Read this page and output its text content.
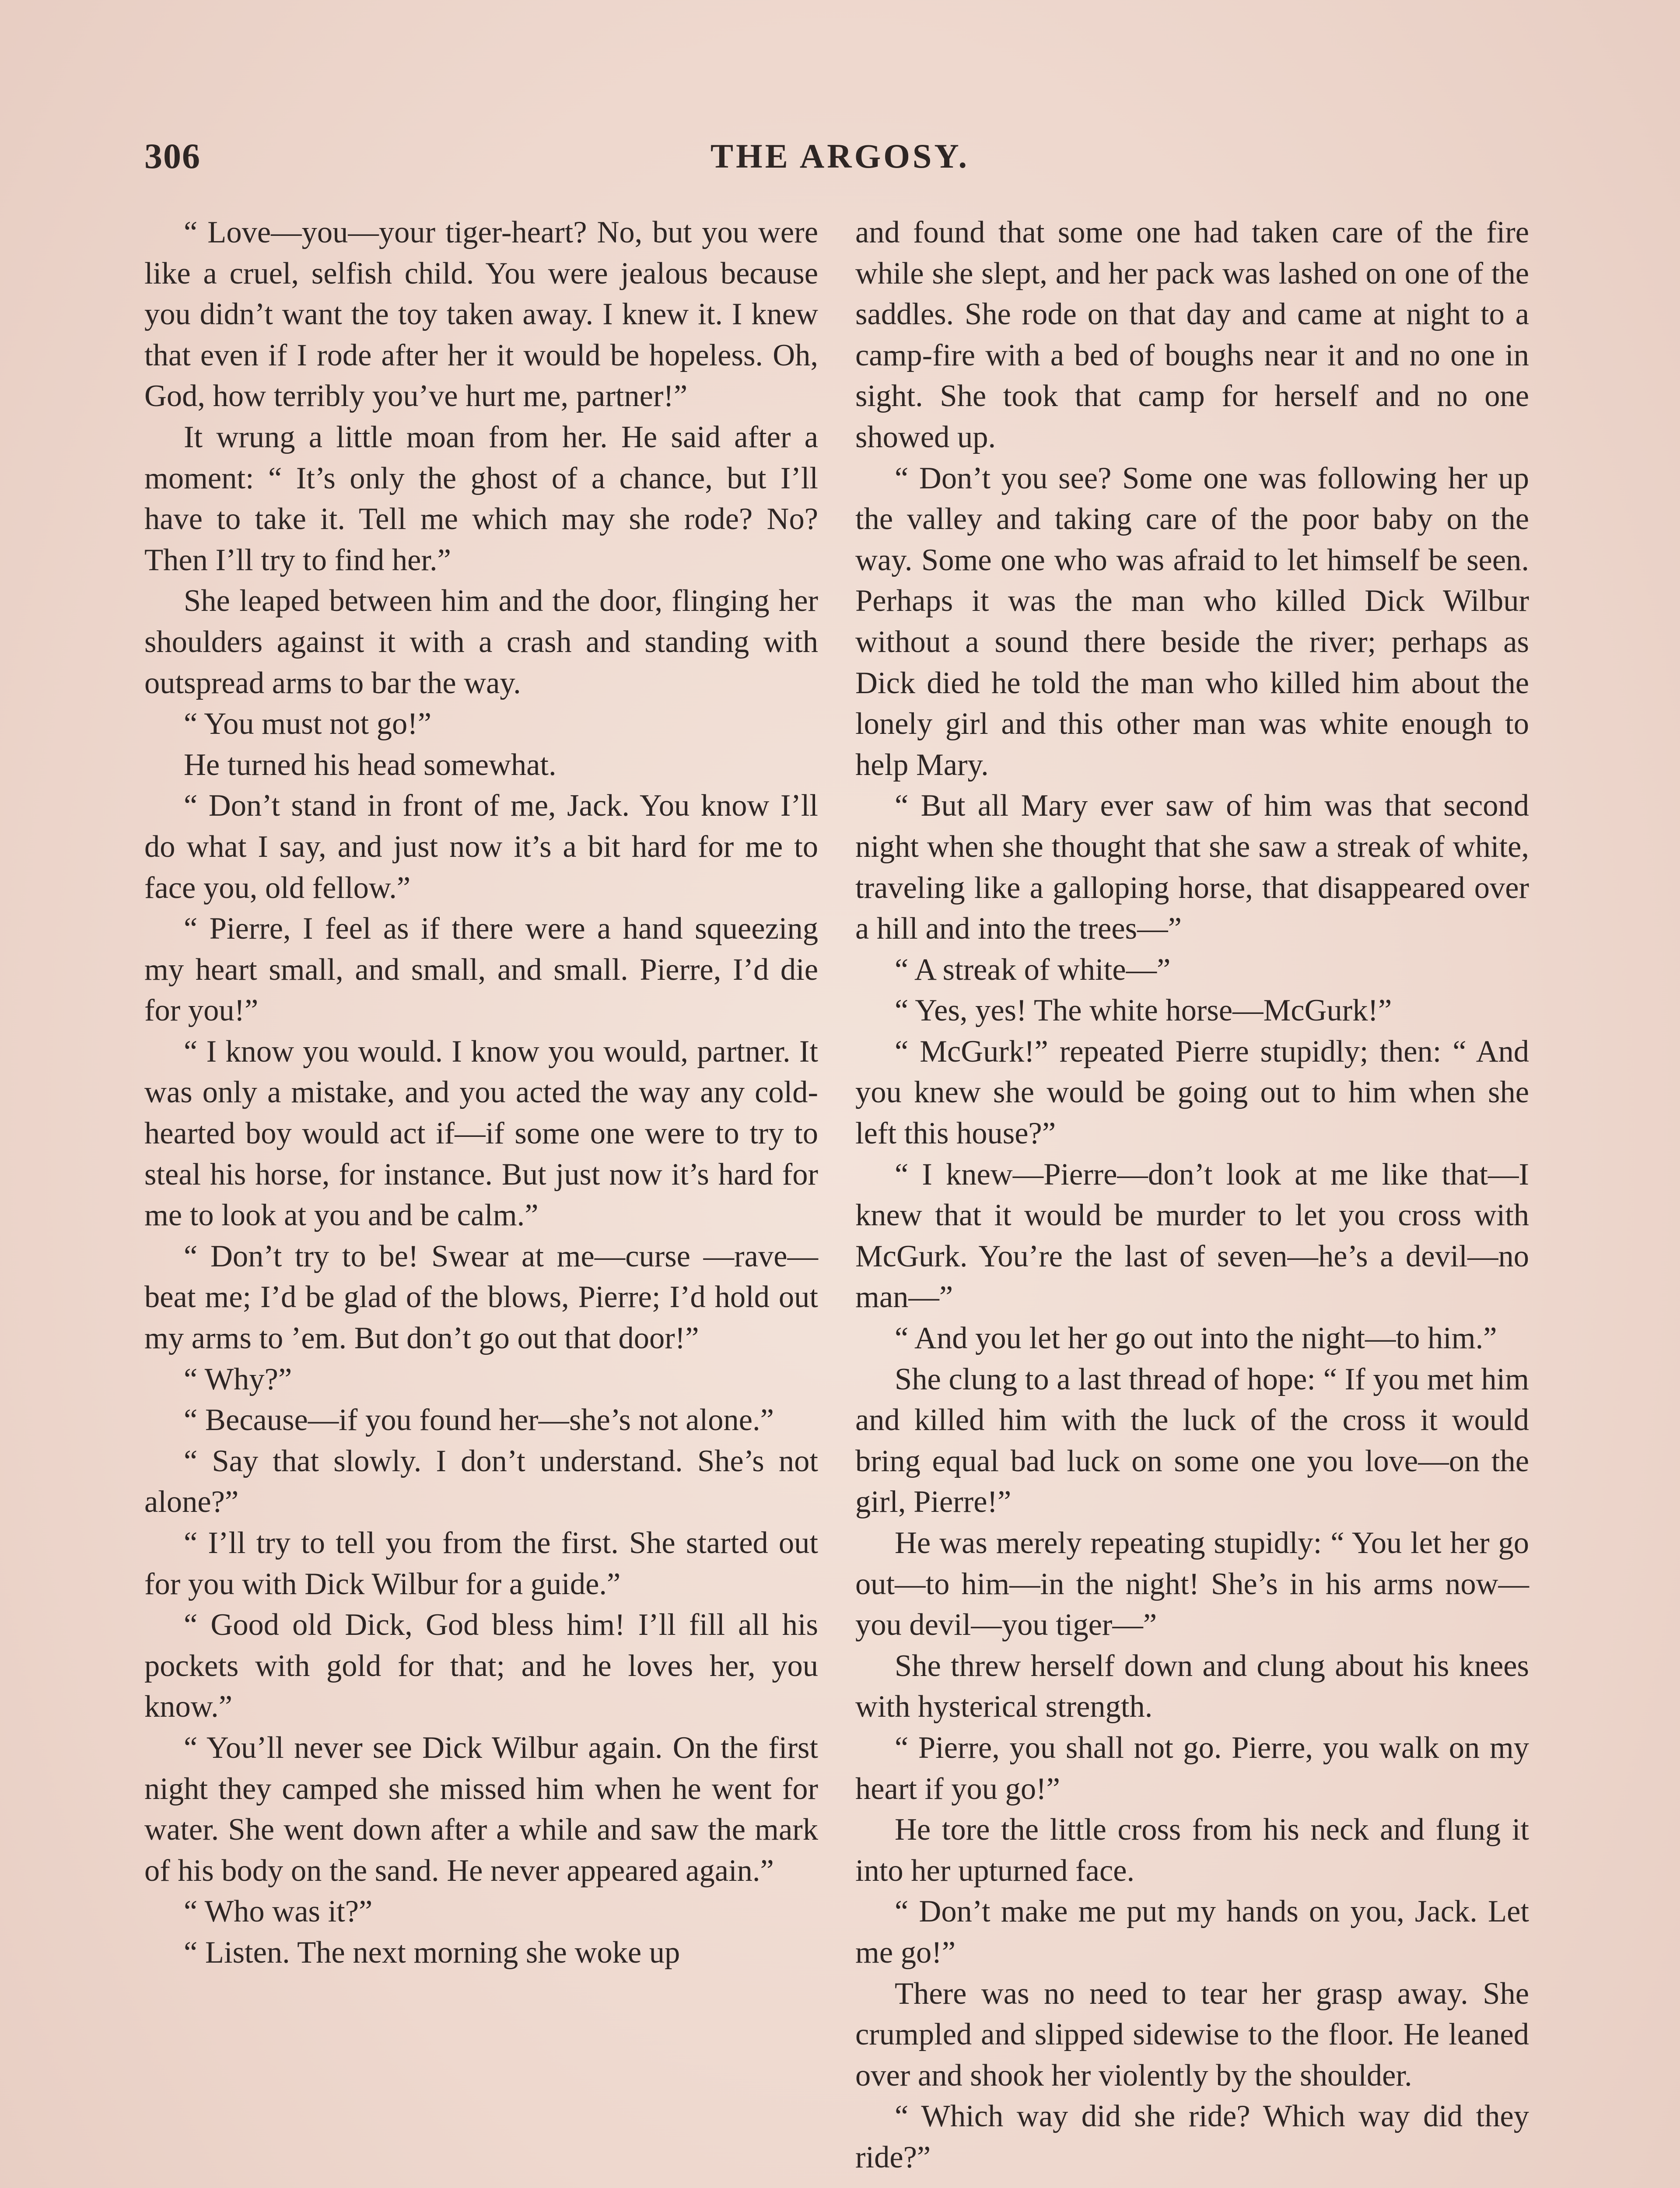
306	THE ARGOSY.

“ Love—you—your tiger-heart? No, but you were like a cruel, selfish child. You were jealous because you didn’t want the toy taken away. I knew it. I knew that even if I rode after her it would be hopeless. Oh, God, how terribly you’ve hurt me, partner!”

It wrung a little moan from her. He said after a moment: “ It’s only the ghost of a chance, but I’ll have to take it. Tell me which may she rode? No? Then I’ll try to find her.”

She leaped between him and the door, flinging her shoulders against it with a crash and standing with outspread arms to bar the way.

“ You must not go!”

He turned his head somewhat.

“ Don’t stand in front of me, Jack. You know I’ll do what I say, and just now it’s a bit hard for me to face you, old fellow.”

“ Pierre, I feel as if there were a hand squeezing my heart small, and small, and small. Pierre, I’d die for you!”

“ I know you would. I know you would, partner. It was only a mistake, and you acted the way any cold-hearted boy would act if—if some one were to try to steal his horse, for instance. But just now it’s hard for me to look at you and be calm.”

“ Don’t try to be! Swear at me—curse —rave—beat me; I’d be glad of the blows, Pierre; I’d hold out my arms to ’em. But don’t go out that door!”

“ Why?”

“ Because—if you found her—she’s not alone.”

“ Say that slowly. I don’t understand. She’s not alone?”

“ I’ll try to tell you from the first. She started out for you with Dick Wilbur for a guide.”

“ Good old Dick, God bless him! I’ll fill all his pockets with gold for that; and he loves her, you know.”

“ You’ll never see Dick Wilbur again. On the first night they camped she missed him when he went for water. She went down after a while and saw the mark of his body on the sand. He never appeared again.”

“ Who was it?”

“ Listen. The next morning she woke up

and found that some one had taken care of the fire while she slept, and her pack was lashed on one of the saddles. She rode on that day and came at night to a camp-fire with a bed of boughs near it and no one in sight. She took that camp for herself and no one showed up.

“ Don’t you see? Some one was following her up the valley and taking care of the poor baby on the way. Some one who was afraid to let himself be seen. Perhaps it was the man who killed Dick Wilbur without a sound there beside the river; perhaps as Dick died he told the man who killed him about the lonely girl and this other man was white enough to help Mary.

“ But all Mary ever saw of him was that second night when she thought that she saw a streak of white, traveling like a galloping horse, that disappeared over a hill and into the trees—”

“ A streak of white—”

“ Yes, yes! The white horse—McGurk!”

“ McGurk!” repeated Pierre stupidly; then: “ And you knew she would be going out to him when she left this house?”

“ I knew—Pierre—don’t look at me like that—I knew that it would be murder to let you cross with McGurk. You’re the last of seven—he’s a devil—no man—”

“ And you let her go out into the night—to him.”

She clung to a last thread of hope: “ If you met him and killed him with the luck of the cross it would bring equal bad luck on some one you love—on the girl, Pierre!”

He was merely repeating stupidly: “ You let her go out—to him—in the night! She’s in his arms now—you devil—you tiger—”

She threw herself down and clung about his knees with hysterical strength.

“ Pierre, you shall not go. Pierre, you walk on my heart if you go!”

He tore the little cross from his neck and flung it into her upturned face.

“ Don’t make me put my hands on you, Jack. Let me go!”

There was no need to tear her grasp away. She crumpled and slipped sidewise to the floor. He leaned over and shook her violently by the shoulder.

“ Which way did she ride? Which way did they ride?”
